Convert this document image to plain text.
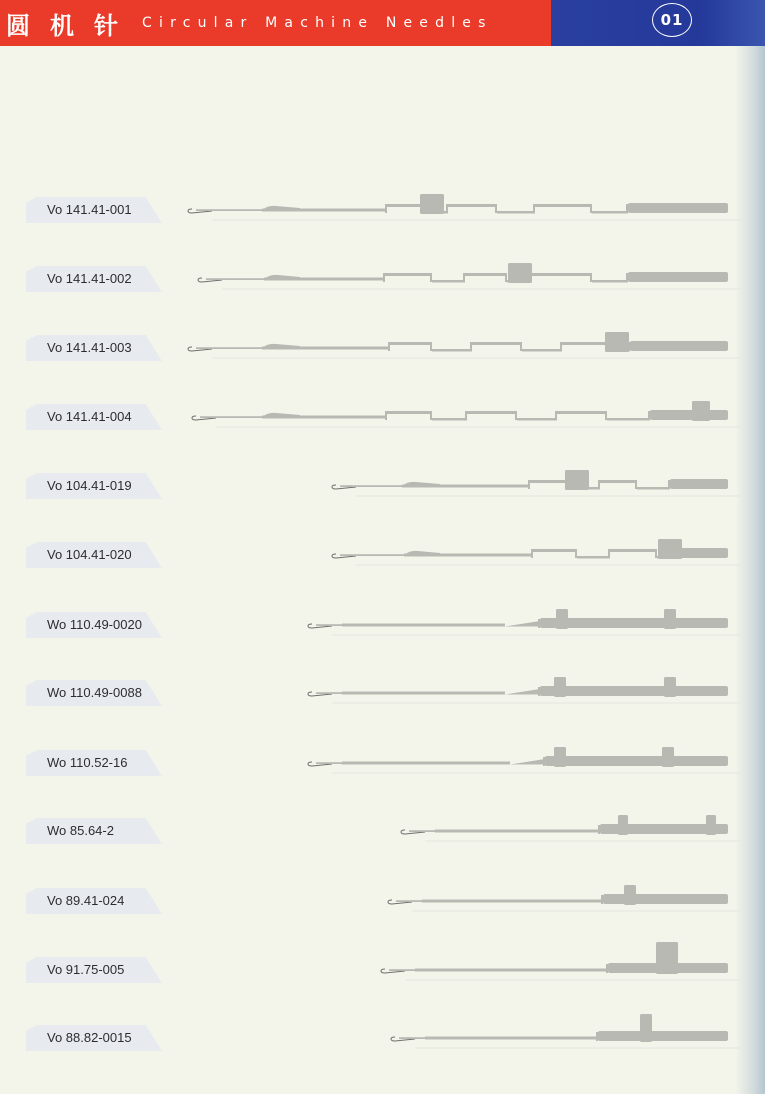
圆机针 Circular Machine Needles	01
Vo 141.41-001
Vo 141.41-002
Vo 141.41-003
Vo 141.41-004
Vo 104.41-019
Vo 104.41-020
Wo 110.49-0020
Wo 110.49-0088
Wo 110.52-16
Wo 85.64-2
Vo 89.41-024
Vo 91.75-005
Vo 88.82-0015
